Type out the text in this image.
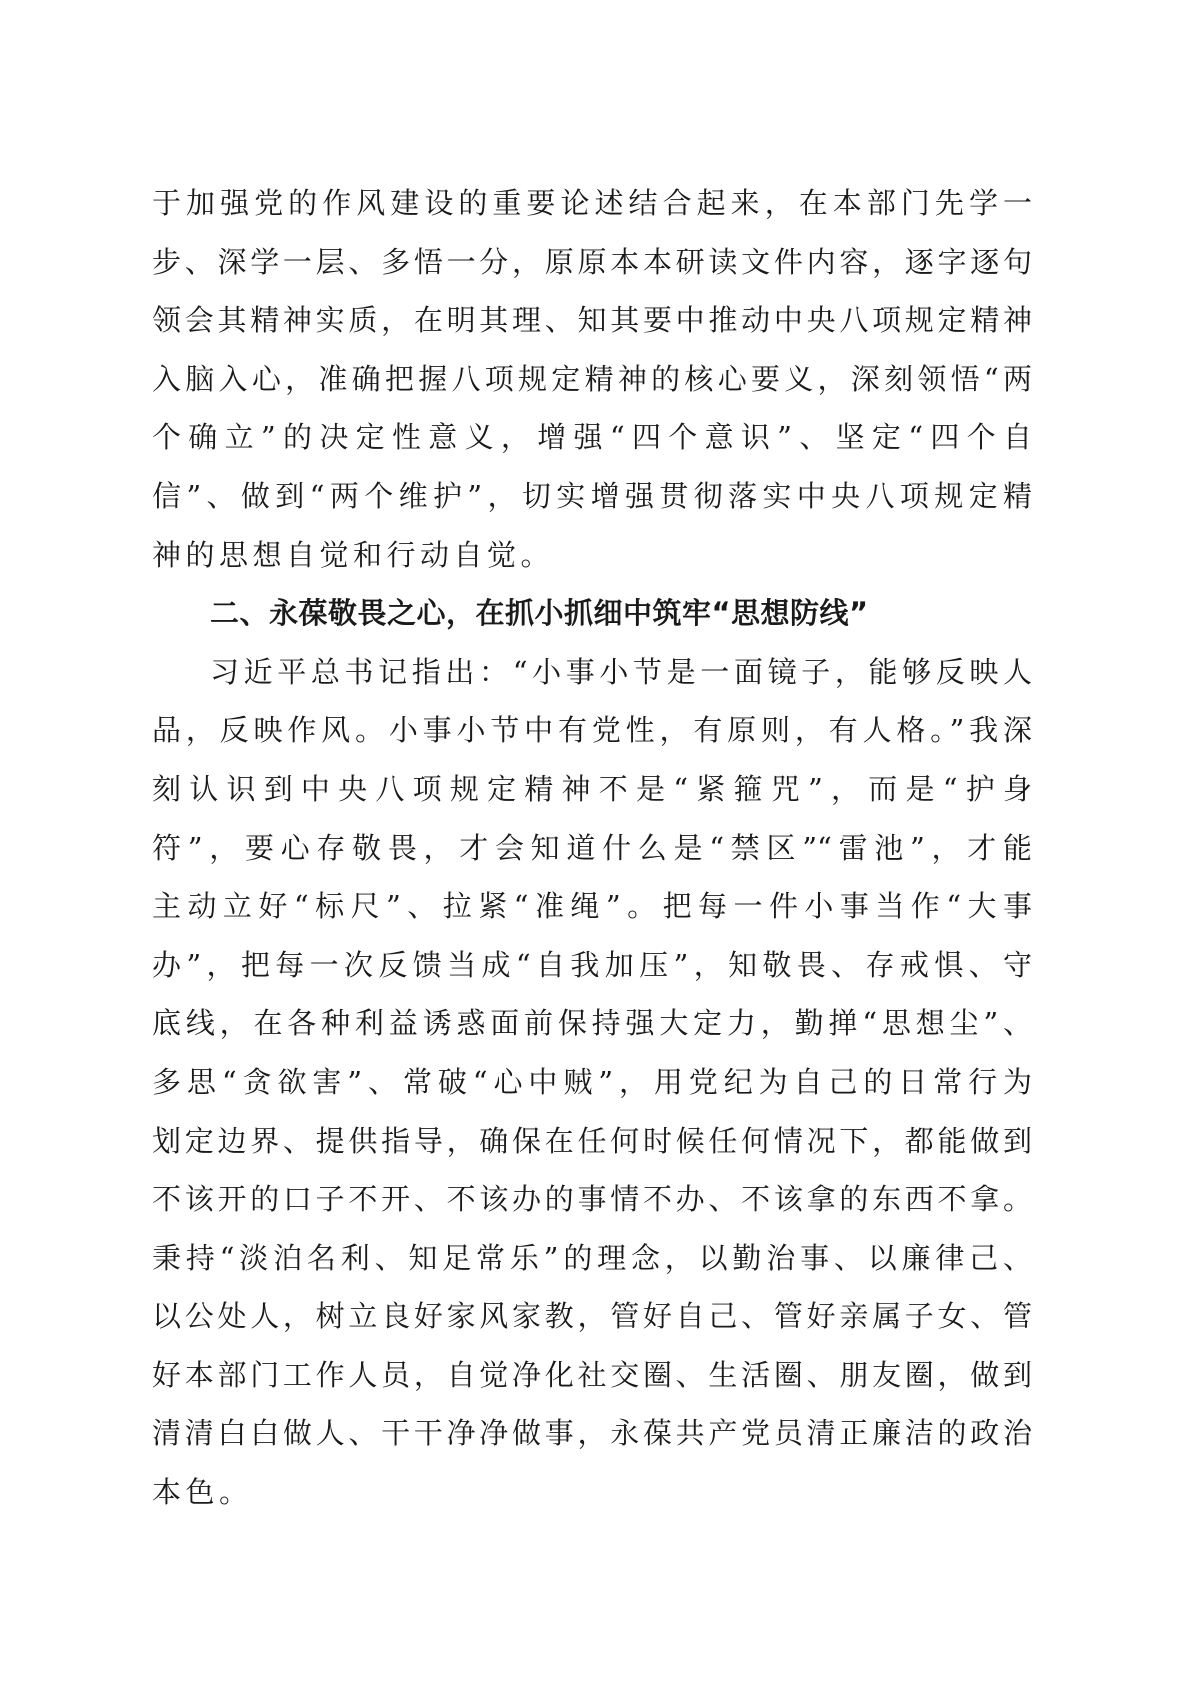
于加强党的作风建设的重要论述结合起来，在本部门先学一
步、深学一层、多悟一分，原原本本研读文件内容，逐字逐句
领会其精神实质，在明其理、知其要中推动中央八项规定精神
入脑入心，准确把握八项规定精神的核心要义，深刻领悟“两
个确立”的决定性意义，增强“四个意识”、坚定“四个自
信”、做到“两个维护”，切实增强贯彻落实中央八项规定精
神的思想自觉和行动自觉。
二、永葆敬畏之心，在抓小抓细中筑牢“思想防线”
习近平总书记指出：“小事小节是一面镜子，能够反映人
品，反映作风。小事小节中有党性，有原则，有人格。”我深
刻认识到中央八项规定精神不是“紧箍咒”，而是“护身
符”，要心存敬畏，才会知道什么是“禁区”“雷池”，才能
主动立好“标尺”、拉紧“准绳”。把每一件小事当作“大事
办”，把每一次反馈当成“自我加压”，知敬畏、存戒惧、守
底线，在各种利益诱惑面前保持强大定力，勤掸“思想尘”、
多思“贪欲害”、常破“心中贼”，用党纪为自己的日常行为
划定边界、提供指导，确保在任何时候任何情况下，都能做到
不该开的口子不开、不该办的事情不办、不该拿的东西不拿。
秉持“淡泊名利、知足常乐”的理念，以勤治事、以廉律己、
以公处人，树立良好家风家教，管好自己、管好亲属子女、管
好本部门工作人员，自觉净化社交圈、生活圈、朋友圈，做到
清清白白做人、干干净净做事，永葆共产党员清正廉洁的政治
本色。
